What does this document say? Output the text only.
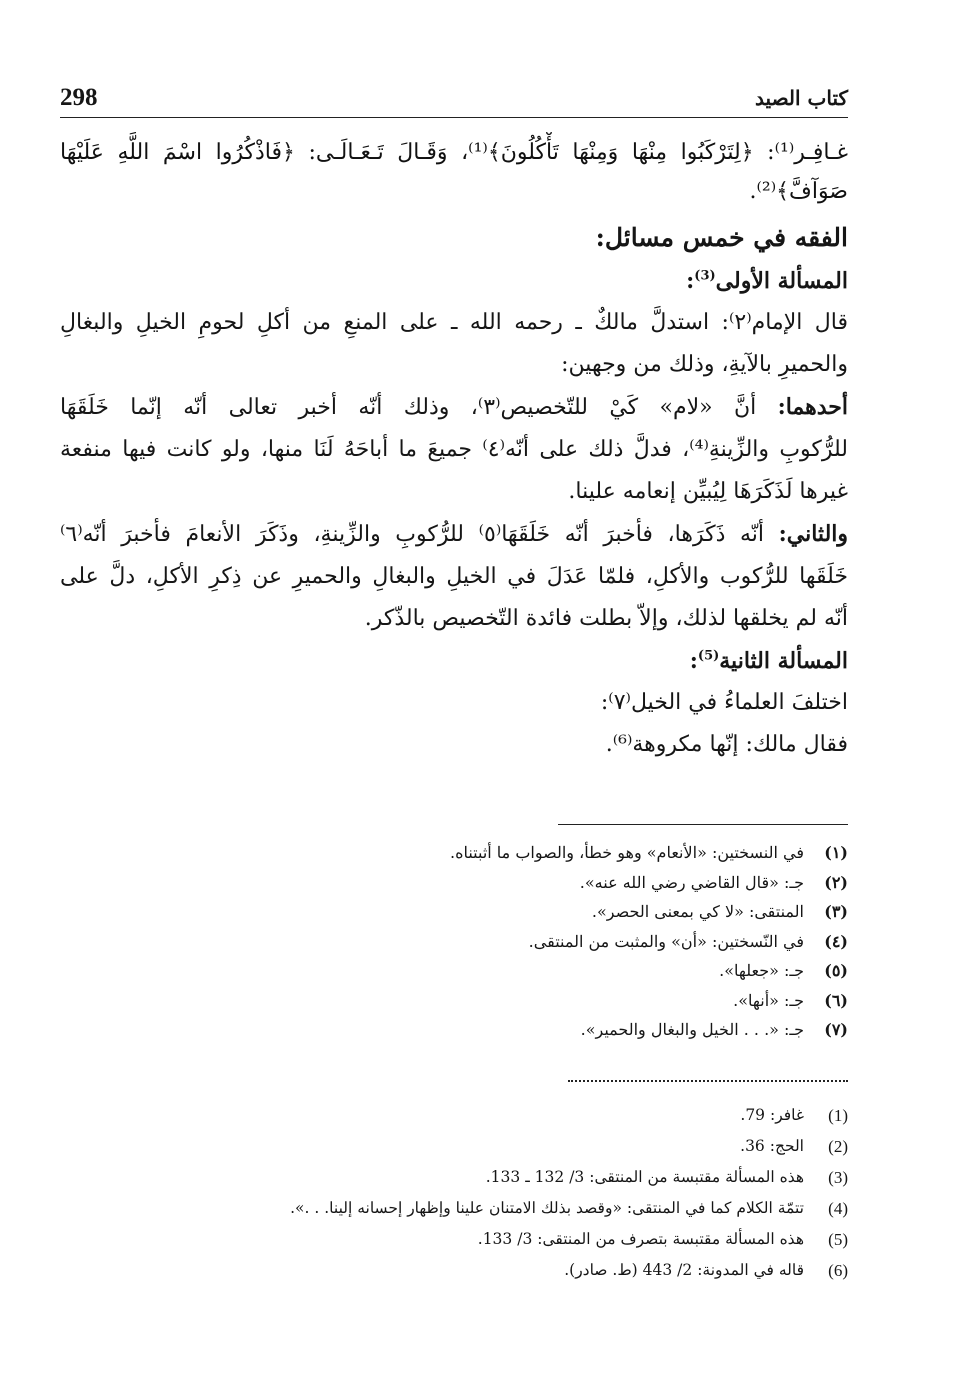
298	كتاب الصيد
غـافِـر⁽¹⁾: ﴿لِتَرْكَبُوا مِنْهَا وَمِنْهَا تَأْكُلُونَ﴾⁽¹⁾، وَقَـالَ تَـعَـالَـى: ﴿فَاذْكُرُوا اسْمَ اللَّهِ عَلَيْهَا
صَوَآفَّ﴾⁽²⁾.
الفقه في خمس مسائل:
المسألة الأولى$^{(3)}$:
قال الإمام⁽٢⁾: استدلَّ مالكٌ ـ رحمه الله ـ على المنعِ من أكلِ لحومِ الخيلِ والبغالِ
والحميرِ بالآيةِ، وذلك من وجهين:
أحدهما: أنَّ «لام» كَيْ للتّخصيص⁽٣⁾، وذلك أنّه أخبر تعالى أنّه إنّما خَلَقَهَا
للرُّكوبِ والزِّينةِ⁽⁴⁾، فدلَّ ذلك على أنّه⁽٤⁾ جميعَ ما أباحَهُ لَنَا منها، ولو كانت فيها منفعة
غيرها لَذَكَرَهَا لِيُبيِّن إنعامه علينا.
والثاني: أنّه ذَكَرَها، فأخبرَ أنّه خَلَقَهَا⁽٥⁾ للرُّكوبِ والزِّينةِ، وذَكَرَ الأنعامَ فأخبرَ أنّه⁽٦⁾
خَلَقَها للرُّكوب والأكلِ، فلمّا عَدَلَ في الخيلِ والبغالِ والحميرِ عن ذِكرِ الأكلِ، دلَّ على
أنّه لم يخلقها لذلك، وإلاّ بطلت فائدة التّخصيص بالذّكر.
المسألة الثانية$^{(5)}$:
اختلفَ العلماءُ في الخيل⁽٧⁾:
فقال مالك: إنّها مكروهة⁽⁶⁾.
(١)
في النسختين: «الأنعام» وهو خطأ، والصواب ما أثبتناه.
(٢)
جـ: «قال القاضي رضي الله عنه».
(٣)
المنتقى: «لا كي بمعنى الحصر».
(٤)
في النّسختين: «أن» والمثبت من المنتقى.
(٥)
جـ: «جعلها».
(٦)
جـ: «أنها».
(٧)
جـ: «. . . الخيل والبغال والحمير».
(1)
غافر: 79.
(2)
الحج: 36.
(3)
هذه المسألة مقتبسة من المنتقى: 3/ 132 ـ 133.
(4)
تتمّة الكلام كما في المنتقى: «وقصد بذلك الامتنان علينا وإظهار إحسانه إلينا. . .».
(5)
هذه المسألة مقتبسة بتصرف من المنتقى: 3/ 133.
(6)
قاله في المدونة: 2/ 443 (ط. صادر).
